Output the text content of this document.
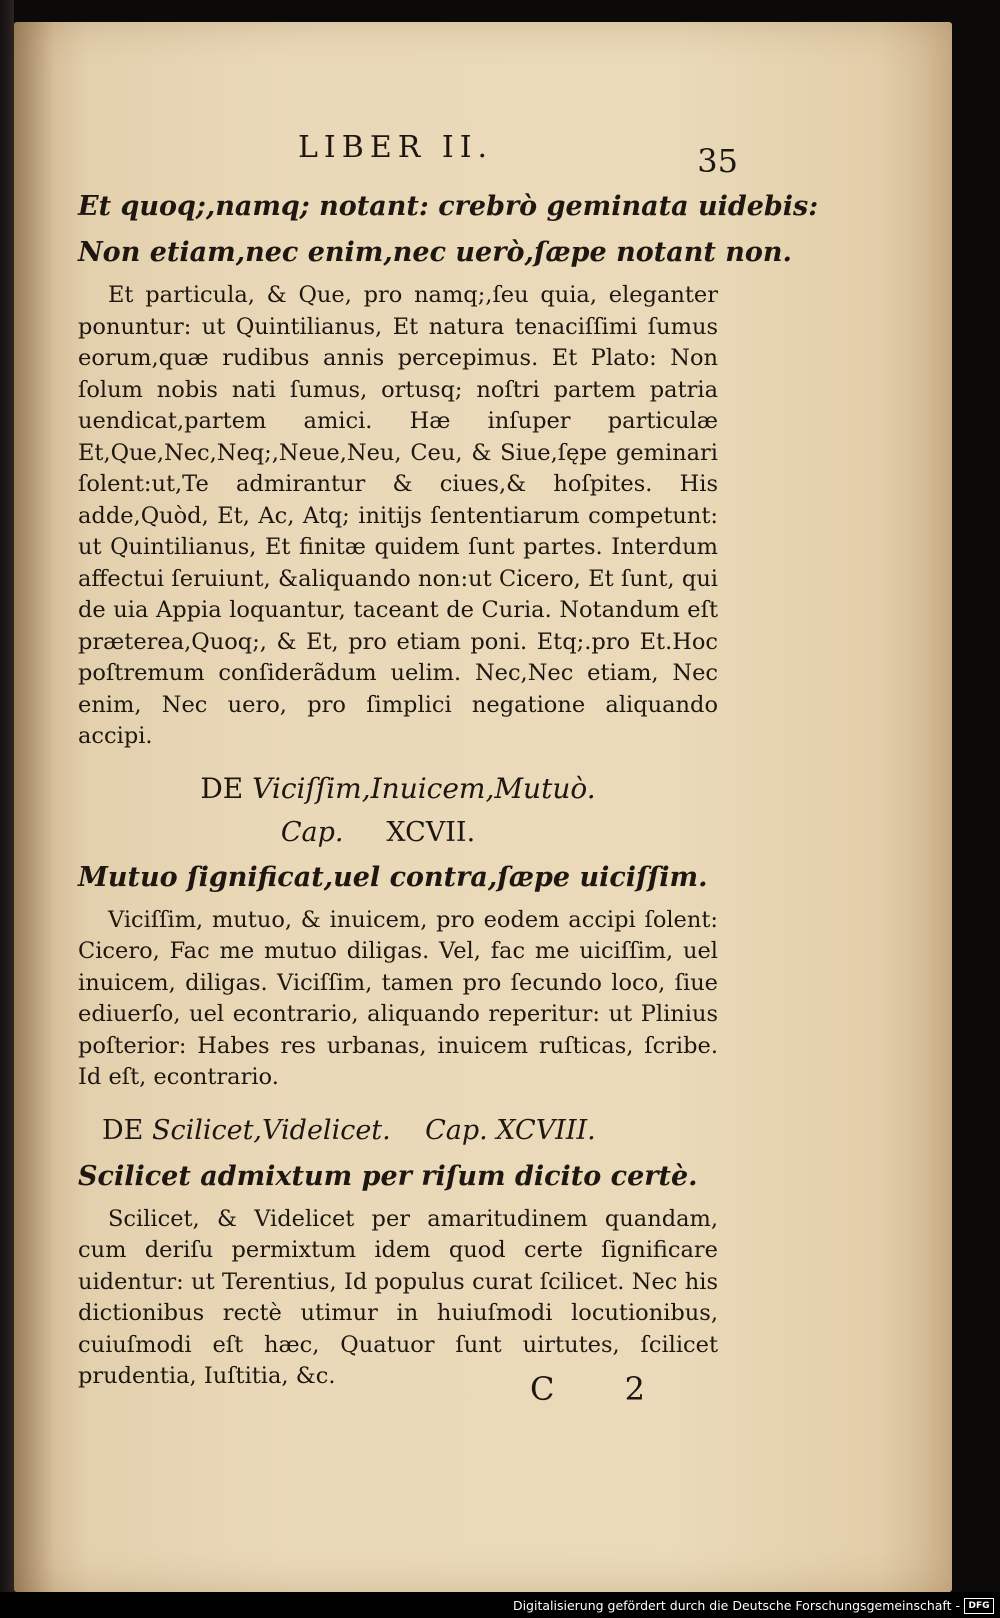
LIBER II.	35
Et quoq;,namq; notant: crebrò geminata uidebis:
Non etiam,nec enim,nec uerò,ſæpe notant non.

Et particula, & Que, pro namq;,ſeu quia, eleganter ponuntur: ut Quintilianus, Et natura tenaciſſimi ſumus eorum,quæ rudibus annis percepimus. Et Plato: Non ſolum nobis nati ſumus, ortusq; noſtri partem patria uendicat,partem amici. Hæ inſuper particulæ Et,Que,Nec,Neq;,Neue,Neu, Ceu, & Siue,ſępe geminari ſolent:ut,Te admirantur & ciues,& hoſpites. His adde,Quòd, Et, Ac, Atq; initijs ſententiarum competunt: ut Quintilianus, Et finitæ quidem ſunt partes. Interdum affectui ſeruiunt, &aliquando non:ut Cicero, Et ſunt, qui de uia Appia loquantur, taceant de Curia. Notandum eſt præterea,Quoq;, & Et, pro etiam poni. Etq;.pro Et.Hoc poſtremum conſiderãdum uelim. Nec,Nec etiam, Nec enim, Nec uero, pro ſimplici negatione aliquando accipi.

DE Viciſſim,Inuicem,Mutuò.
Cap. XCVII.
Mutuo ſignificat,uel contra,ſæpe uiciſſim.

Viciſſim, mutuo, & inuicem, pro eodem accipi ſolent: Cicero, Fac me mutuo diligas. Vel, fac me uiciſſim, uel inuicem, diligas. Viciſſim, tamen pro ſecundo loco, ſiue ediuerſo, uel econtrario, aliquando reperitur: ut Plinius poſterior: Habes res urbanas, inuicem ruſticas, ſcribe. Id eſt, econtrario.

DE Scilicet,Videlicet. Cap. XCVIII.
Scilicet admixtum per riſum dicito certè.

Scilicet, & Videlicet per amaritudinem quandam, cum deriſu permixtum idem quod certe ſignificare uidentur: ut Terentius, Id populus curat ſcilicet. Nec his dictionibus rectè utimur in huiuſmodi locutionibus, cuiuſmodi eſt hæc, Quatuor ſunt uirtutes, ſcilicet prudentia, Iuſtitia, &c.	C 2
Digitalisierung gefördert durch die Deutsche Forschungsgemeinschaft - DFG
